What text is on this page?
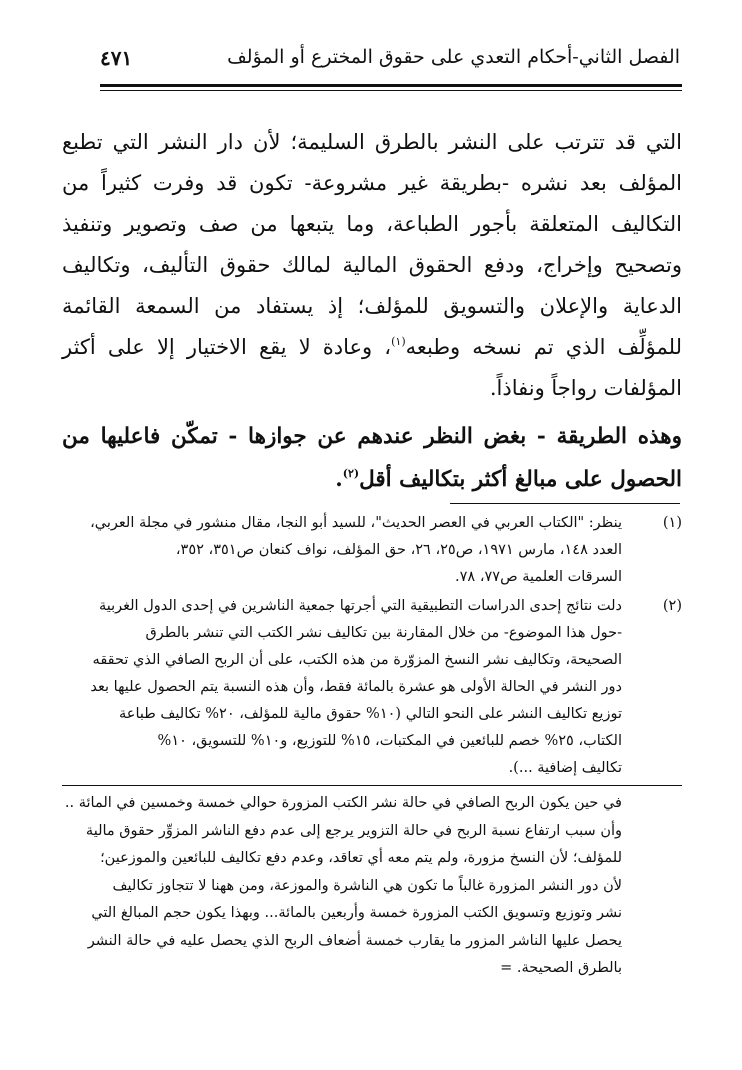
الفصل الثاني-أحكام التعدي على حقوق المخترع أو المؤلف
٤٧١

التي قد تترتب على النشر بالطرق السليمة؛ لأن دار النشر التي تطبع المؤلف بعد نشره -بطريقة غير مشروعة- تكون قد وفرت كثيراً من التكاليف المتعلقة بأجور الطباعة، وما يتبعها من صف وتصوير وتنفيذ وتصحيح وإخراج، ودفع الحقوق المالية لمالك حقوق التأليف، وتكاليف الدعاية والإعلان والتسويق للمؤلف؛ إذ يستفاد من السمعة القائمة للمؤلِّف الذي تم نسخه وطبعه$^{(١)}$، وعادة لا يقع الاختيار إلا على أكثر المؤلفات رواجاً ونفاذاً.

وهذه الطريقة - بغض النظر عندهم عن جوازها - تمكّن فاعليها من الحصول على مبالغ أكثر بتكاليف أقل$^{(٢)}$.

(١)
ينظر: "الكتاب العربي في العصر الحديث"، للسيد أبو النجا، مقال منشور في مجلة العربي،
العدد ١٤٨، مارس ١٩٧١، ص٢٥، ٢٦، حق المؤلف، نواف كنعان ص٣٥١، ٣٥٢،
السرقات العلمية ص٧٧، ٧٨.
(٢)
دلت نتائج إحدى الدراسات التطبيقية التي أجرتها جمعية الناشرين في إحدى الدول الغربية
-حول هذا الموضوع- من خلال المقارنة بين تكاليف نشر الكتب التي تنشر بالطرق
الصحيحة، وتكاليف نشر النسخ المزوّرة من هذه الكتب، على أن الربح الصافي الذي تحققه
دور النشر في الحالة الأولى هو عشرة بالمائة فقط، وأن هذه النسبة يتم الحصول عليها بعد
توزيع تكاليف النشر على النحو التالي (١٠% حقوق مالية للمؤلف، ٢٠% تكاليف طباعة
الكتاب، ٢٥% خصم للبائعين في المكتبات، ١٥% للتوزيع، و١٠% للتسويق، ١٠%
تكاليف إضافية ...).
في حين يكون الربح الصافي في حالة نشر الكتب المزورة حوالي خمسة وخمسين في المائة ..
وأن سبب ارتفاع نسبة الربح في حالة التزوير يرجع إلى عدم دفع الناشر المزوِّر حقوق مالية
للمؤلف؛ لأن النسخ مزورة، ولم يتم معه أي تعاقد، وعدم دفع تكاليف للبائعين والموزعين؛
لأن دور النشر المزورة غالباً ما تكون هي الناشرة والموزعة، ومن ههنا لا تتجاوز تكاليف
نشر وتوزيع وتسويق الكتب المزورة خمسة وأربعين بالمائة... وبهذا يكون حجم المبالغ التي
يحصل عليها الناشر المزور ما يقارب خمسة أضعاف الربح الذي يحصل عليه في حالة النشر
بالطرق الصحيحة. =
